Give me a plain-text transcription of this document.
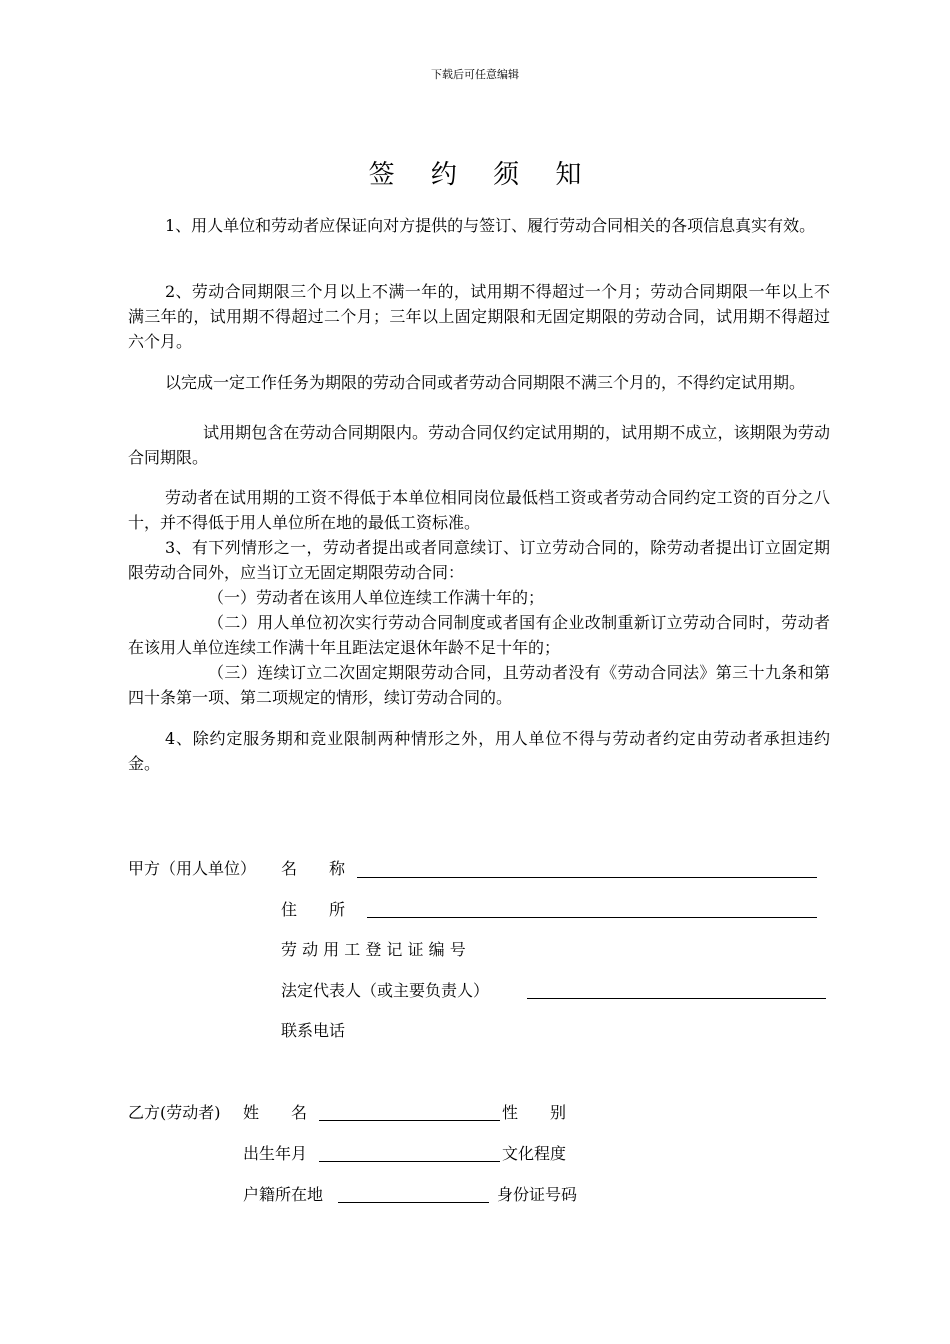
下载后可任意编辑
签 约 须 知

1、用人单位和劳动者应保证向对方提供的与签订、履行劳动合同相关的各项信息真实有效。

2、劳动合同期限三个月以上不满一年的，试用期不得超过一个月；劳动合同期限一年以上不满三年的，试用期不得超过二个月；三年以上固定期限和无固定期限的劳动合同，试用期不得超过六个月。

以完成一定工作任务为期限的劳动合同或者劳动合同期限不满三个月的，不得约定试用期。

试用期包含在劳动合同期限内。劳动合同仅约定试用期的，试用期不成立，该期限为劳动合同期限。

劳动者在试用期的工资不得低于本单位相同岗位最低档工资或者劳动合同约定工资的百分之八十，并不得低于用人单位所在地的最低工资标准。

3、有下列情形之一，劳动者提出或者同意续订、订立劳动合同的，除劳动者提出订立固定期限劳动合同外，应当订立无固定期限劳动合同：

（一）劳动者在该用人单位连续工作满十年的；

（二）用人单位初次实行劳动合同制度或者国有企业改制重新订立劳动合同时，劳动者在该用人单位连续工作满十年且距法定退休年龄不足十年的；

（三）连续订立二次固定期限劳动合同，且劳动者没有《劳动合同法》第三十九条和第四十条第一项、第二项规定的情形，续订劳动合同的。

4、除约定服务期和竞业限制两种情形之外，用人单位不得与劳动者约定由劳动者承担违约金。

甲方（用人单位） 名　　称
住　　所
劳 动 用 工 登 记 证 编 号
法定代表人（或主要负责人）
联系电话
乙方(劳动者) 姓　　名	性　　别
出生年月	文化程度
户籍所在地	身份证号码
